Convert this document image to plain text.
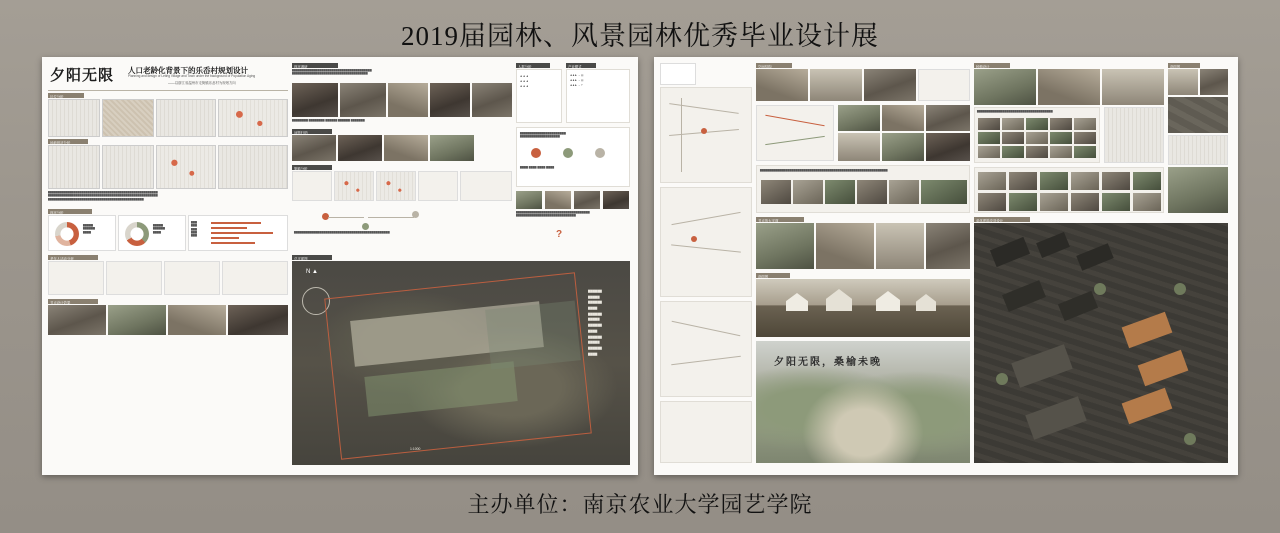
2019届园林、风景园林优秀毕业设计展
夕阳无限 人口老龄化背景下的乐岙村规划设计
Planning and design of Leting Village and Town under the background of Population Aging
——以浙江省温州市走街镇乐岙村为规划方向
区位分析
场地现状分析
▇▇▇▇▇▇▇▇▇▇▇▇▇▇▇▇▇▇▇▇▇▇▇▇▇▇▇▇▇▇▇▇▇▇▇▇▇▇▇▇▇▇▇▇▇▇▇▇▇▇▇▇▇▇▇
▇▇▇▇▇▇▇▇▇▇▇▇▇▇▇▇▇▇▇▇▇▇▇▇▇▇▇▇▇▇▇▇▇▇▇▇▇▇▇▇▇▇▇▇▇▇▇▇▇▇▇▇▇▇▇
▇▇▇▇▇▇▇▇▇▇▇▇▇▇▇▇▇▇▇▇▇▇▇▇▇▇▇▇▇▇▇▇▇▇▇▇▇▇▇▇▇▇▇▇▇▇▇▇
现状分析
▇▇▇▇▇
▇▇▇▇▇▇
▇▇▇▇
▇▇▇▇▇
▇▇▇▇▇▇
▇▇▇▇
▇▇▇
▇▇▇
▇▇▇
▇▇▇
▇▇▇
老年人活动分析
节点设计效果
现状调研
▇▇▇▇▇▇▇▇▇▇▇▇▇▇▇▇▇▇▇▇▇▇▇▇▇▇▇▇▇▇▇▇▇▇▇▇▇▇▇▇
▇▇▇▇▇▇▇▇▇▇▇▇▇▇▇▇▇▇▇▇▇▇▇▇▇▇▇▇▇▇▇▇▇▇▇▇▇▇
▇▇▇▇▇▇▇▇ ▇▇▇▇▇▇▇▇ ▇▇▇▇▇▇ ▇▇▇▇▇▇ ▇▇▇▇▇▇▇
问题归纳
策略分析
▇▇▇▇▇▇▇▇▇▇▇▇▇▇▇▇▇▇▇▇▇▇▇▇▇▇▇▇▇▇▇▇▇▇▇▇▇▇▇▇▇▇▇▇▇▇▇▇
人群分析
♟ ♟ ♟
♟ ♟ ♟
♟ ♟ ♟
产业模式
♟♟♟ → ▤
♟♟♟ → ▤
♟♟♟ → ?
▇▇▇▇▇▇▇▇▇▇▇▇▇▇▇▇▇▇▇▇▇▇▇
▇▇▇▇▇▇▇▇▇▇▇▇▇▇▇▇▇▇▇▇
▇▇▇▇ ▇▇▇▇ ▇▇▇▇ ▇▇▇▇
▇▇▇▇▇▇▇▇▇▇▇▇▇▇▇▇▇▇▇▇▇▇▇▇▇▇▇▇▇▇▇▇▇▇▇▇▇
▇▇▇▇▇▇▇▇▇▇▇▇▇▇▇▇▇▇▇▇▇▇▇▇▇▇▇▇▇▇
?
总平面图
N ▲
▇▇▇▇▇▇
▇▇▇▇▇
▇▇▇▇▇▇
▇▇▇▇
▇▇▇▇▇▇
▇▇▇▇▇
▇▇▇▇▇▇
▇▇▇▇
▇▇▇▇▇▇
▇▇▇▇▇
▇▇▇▇▇▇
▇▇▇▇
1:1000
空间结构
▇▇▇▇▇▇▇▇▇▇▇▇▇▇▇▇▇▇▇▇▇▇▇▇▇▇▇▇▇▇▇▇▇▇▇▇▇▇▇▇▇▇▇▇▇▇▇▇▇▇▇▇▇▇▇▇▇▇▇▇▇▇▇▇
种植设计
▇▇▇▇▇▇▇▇▇▇▇▇▇▇▇▇▇▇▇▇▇▇▇▇▇▇▇▇▇▇▇▇▇▇▇▇▇▇
剖面图
节点放大平面
剖面图
夕阳无限，桑榆未晚
单体建筑改造设计
主办单位：南京农业大学园艺学院
